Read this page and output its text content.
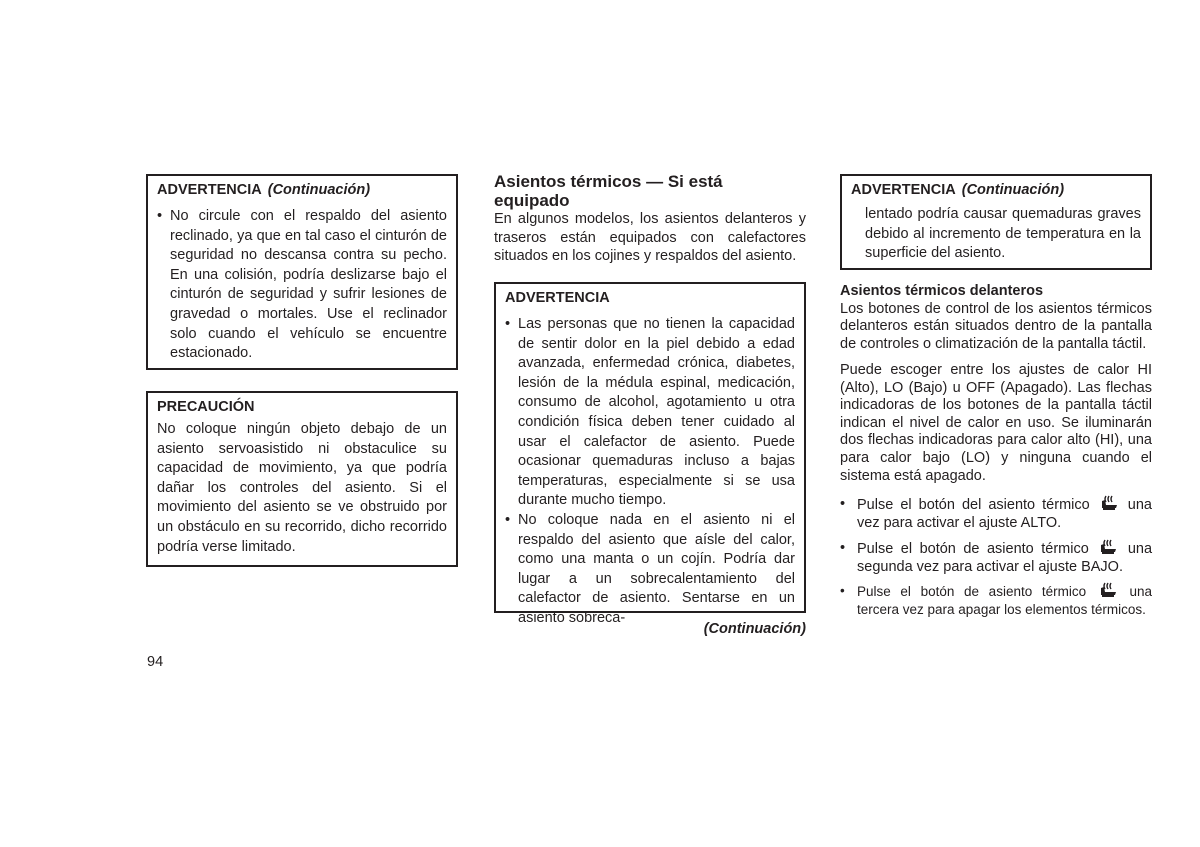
ADVERTENCIA (Continuación)
• No circule con el respaldo del asiento reclinado, ya que en tal caso el cinturón de seguridad no descansa contra su pecho. En una colisión, podría deslizarse bajo el cinturón de seguridad y sufrir lesiones de gravedad o mortales. Use el reclinador solo cuando el vehículo se encuentre estacionado.
PRECAUCIÓN
No coloque ningún objeto debajo de un asiento servoasistido ni obstaculice su capacidad de movimiento, ya que podría dañar los controles del asiento. Si el movimiento del asiento se ve obstruido por un obstáculo en su recorrido, dicho recorrido podría verse limitado.
94
Asientos térmicos — Si está equipado
En algunos modelos, los asientos delanteros y traseros están equipados con calefactores situados en los cojines y respaldos del asiento.
ADVERTENCIA
• Las personas que no tienen la capacidad de sentir dolor en la piel debido a edad avanzada, enfermedad crónica, diabetes, lesión de la médula espinal, medicación, consumo de alcohol, agotamiento u otra condición física deben tener cuidado al usar el calefactor de asiento. Puede ocasionar quemaduras incluso a bajas temperaturas, especialmente si se usa durante mucho tiempo.
• No coloque nada en el asiento ni el respaldo del asiento que aísle del calor, como una manta o un cojín. Podría dar lugar a un sobrecalentamiento del calefactor de asiento. Sentarse en un asiento sobreca-
(Continuación)
ADVERTENCIA (Continuación)
lentado podría causar quemaduras graves debido al incremento de temperatura en la superficie del asiento.
Asientos térmicos delanteros
Los botones de control de los asientos térmicos delanteros están situados dentro de la pantalla de controles o climatización de la pantalla táctil.
Puede escoger entre los ajustes de calor HI (Alto), LO (Bajo) u OFF (Apagado). Las flechas indicadoras de los botones de la pantalla táctil indican el nivel de calor en uso. Se iluminarán dos flechas indicadoras para calor alto (HI), una para calor bajo (LO) y ninguna cuando el sistema está apagado.
• Pulse el botón del asiento térmico	una vez para activar el ajuste ALTO.
• Pulse el botón de asiento térmico	una segunda vez para activar el ajuste BAJO.
• Pulse el botón de asiento térmico	una tercera vez para apagar los elementos térmicos.
